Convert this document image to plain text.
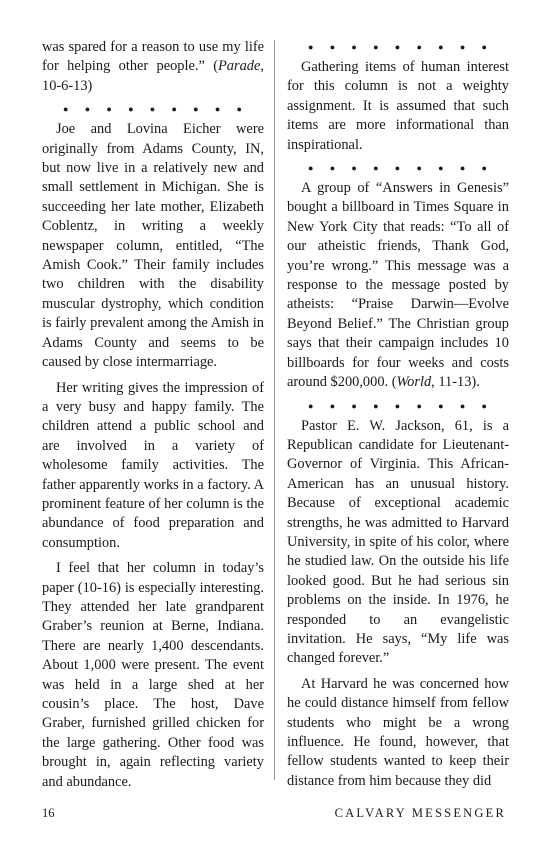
was spared for a reason to use my life for helping other people.” (Parade, 10-6-13)

● ● ● ● ● ● ● ● ●

Joe and Lovina Eicher were originally from Adams County, IN, but now live in a relatively new and small settlement in Michigan. She is succeeding her late mother, Elizabeth Coblentz, in writing a weekly newspaper column, entitled, “The Amish Cook.” Their family includes two children with the disability muscular dystrophy, which condition is fairly prevalent among the Amish in Adams County and seems to be caused by close intermarriage.

Her writing gives the impression of a very busy and happy family. The children attend a public school and are involved in a variety of wholesome family activities. The father apparently works in a factory. A prominent feature of her column is the abundance of food preparation and consumption.

I feel that her column in today’s paper (10-16) is especially interesting. They attended her late grandparent Graber’s reunion at Berne, Indiana. There are nearly 1,400 descendants. About 1,000 were present. The event was held in a large shed at her cousin’s place. The host, Dave Graber, furnished grilled chicken for the large gathering. Other food was brought in, again reflecting variety and abundance.

● ● ● ● ● ● ● ● ●

Gathering items of human interest for this column is not a weighty assignment. It is assumed that such items are more informational than inspirational.

● ● ● ● ● ● ● ● ●

A group of “Answers in Genesis” bought a billboard in Times Square in New York City that reads: “To all of our atheistic friends, Thank God, you’re wrong.” This message was a response to the message posted by atheists: “Praise Darwin—Evolve Beyond Belief.” The Christian group says that their campaign includes 10 billboards for four weeks and costs around $200,000. (World, 11-13).

● ● ● ● ● ● ● ● ●

Pastor E. W. Jackson, 61, is a Republican candidate for Lieutenant-Governor of Virginia. This African-American has an unusual history. Because of exceptional academic strengths, he was admitted to Harvard University, in spite of his color, where he studied law. On the outside his life looked good. But he had serious sin problems on the inside. In 1976, he responded to an evangelistic invitation. He says, “My life was changed forever.”

At Harvard he was concerned how he could distance himself from fellow students who might be a wrong influence. He found, however, that fellow students wanted to keep their distance from him because they did

16	CALVARY MESSENGER
